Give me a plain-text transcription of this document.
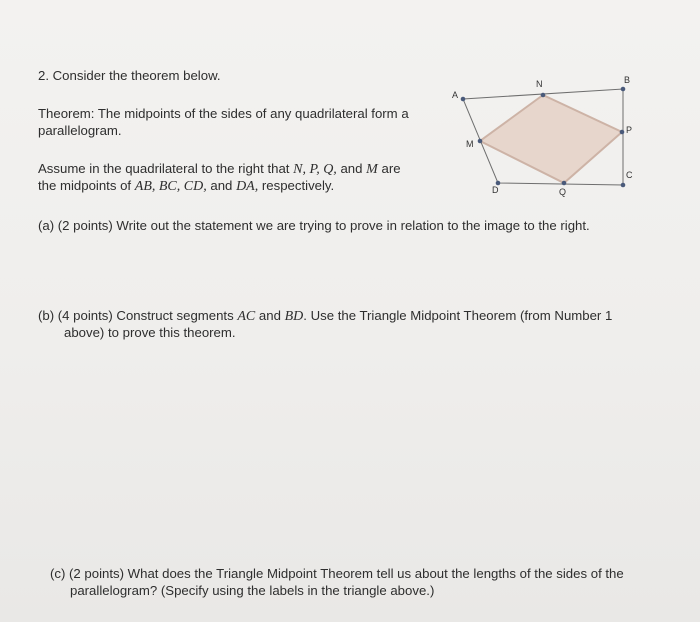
2. Consider the theorem below.
Theorem: The midpoints of the sides of any quadrilateral form a
parallelogram.
Assume in the quadrilateral to the right that N, P, Q, and M are
the midpoints of AB, BC, CD, and DA, respectively.
(a) (2 points) Write out the statement we are trying to prove in relation to the image to the right.
(b) (4 points) Construct segments AC and BD. Use the Triangle Midpoint Theorem (from Number 1
above) to prove this theorem.
(c) (2 points) What does the Triangle Midpoint Theorem tell us about the lengths of the sides of the
parallelogram? (Specify using the labels in the triangle above.)
A
B
C
D
M
N
P
Q
